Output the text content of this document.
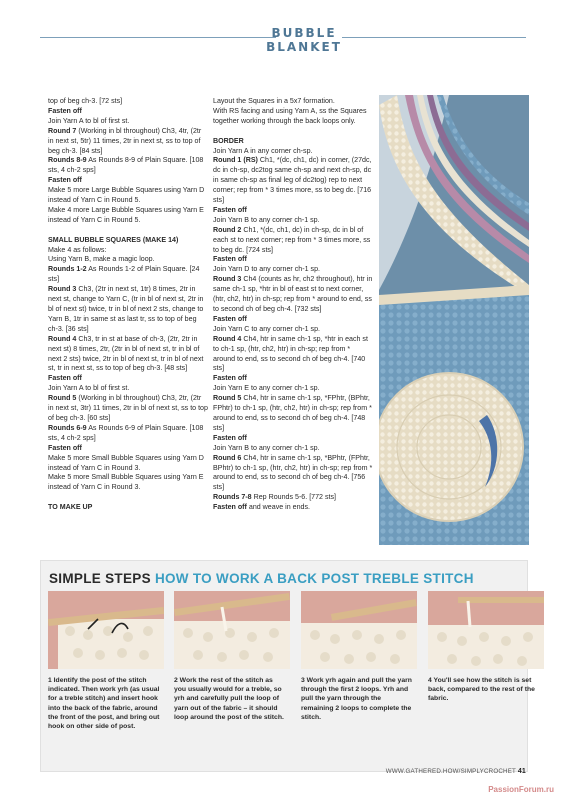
BUBBLE BLANKET

top of beg ch-3. [72 sts]

Fasten off

Join Yarn A to bl of first st.

Round 7 (Working in bl throughout) Ch3, 4tr, (2tr in next st, 5tr) 11 times, 2tr in next st, ss to top of beg ch-3. [84 sts]

Rounds 8-9 As Rounds 8-9 of Plain Square. [108 sts, 4 ch-2 sps]

Fasten off

Make 5 more Large Bubble Squares using Yarn D instead of Yarn C in Round 5.

Make 4 more Large Bubble Squares using Yarn E instead of Yarn C in Round 5.

SMALL BUBBLE SQUARES (MAKE 14)

Make 4 as follows:

Using Yarn B, make a magic loop.

Rounds 1-2 As Rounds 1-2 of Plain Square. [24 sts]

Round 3 Ch3, (2tr in next st, 1tr) 8 times, 2tr in next st, change to Yarn C, (tr in bl of next st, 2tr in bl of next st) twice, tr in bl of next 2 sts, change to Yarn B, 1tr in same st as last tr, ss to top of beg ch-3. [36 sts]

Round 4 Ch3, tr in st at base of ch-3, (2tr, 2tr in next st) 8 times, 2tr, (2tr in bl of next st, tr in bl of next 2 sts) twice, 2tr in bl of next st, tr in bl of next st, tr in next st, ss to top of beg ch-3. [48 sts]

Fasten off

Join Yarn A to bl of first st.

Round 5 (Working in bl throughout) Ch3, 2tr, (2tr in next st, 3tr) 11 times, 2tr in bl of next st, ss to top of beg ch-3. [60 sts]

Rounds 6-9 As Rounds 6-9 of Plain Square. [108 sts, 4 ch-2 sps]

Fasten off

Make 5 more Small Bubble Squares using Yarn D instead of Yarn C in Round 3.

Make 5 more Small Bubble Squares using Yarn E instead of Yarn C in Round 3.

TO MAKE UP

Layout the Squares in a 5x7 formation.

With RS facing and using Yarn A, ss the Squares together working through the back loops only.

BORDER

Join Yarn A in any corner ch-sp.

Round 1 (RS) Ch1, *(dc, ch1, dc) in corner, (27dc, dc in ch-sp, dc2tog same ch-sp and next ch-sp, dc in same ch-sp as final leg of dc2tog) rep to next corner; rep from * 3 times more, ss to beg dc. [716 sts]

Fasten off

Join Yarn B to any corner ch-1 sp.

Round 2 Ch1, *(dc, ch1, dc) in ch-sp, dc in bl of each st to next corner; rep from * 3 times more, ss to beg dc. [724 sts]

Fasten off

Join Yarn D to any corner ch-1 sp.

Round 3 Ch4 (counts as hr, ch2 throughout), htr in same ch-1 sp, *htr in bl of east st to next corner, (htr, ch2, htr) in ch-sp; rep from * around to end, ss to second ch of beg ch-4. [732 sts]

Fasten off

Join Yarn C to any corner ch-1 sp.

Round 4 Ch4, htr in same ch-1 sp, *htr in each st to ch-1 sp, (htr, ch2, htr) in ch-sp; rep from * around to end, ss to second ch of beg ch-4. [740 sts]

Fasten off

Join Yarn E to any corner ch-1 sp.

Round 5 Ch4, htr in same ch-1 sp, *FPhtr, (BPhtr, FPhtr) to ch-1 sp, (htr, ch2, htr) in ch-sp; rep from * around to end, ss to second ch of beg ch-4. [748 sts]

Fasten off

Join Yarn B to any corner ch-1 sp.

Round 6 Ch4, htr in same ch-1 sp, *BPhtr, (FPhtr, BPhtr) to ch-1 sp, (htr, ch2, htr) in ch-sp; rep from * around to end, ss to second ch of beg ch-4. [756 sts]

Rounds 7-8 Rep Rounds 5-6. [772 sts]

Fasten off and weave in ends.

SIMPLE STEPS HOW TO WORK A BACK POST TREBLE STITCH
1 Identify the post of the stitch indicated. Then work yrh (as usual for a treble stitch) and insert hook into the back of the fabric, around the front of the post, and bring out hook on other side of post.
2 Work the rest of the stitch as you usually would for a treble, so yrh and carefully pull the loop of yarn out of the fabric – it should loop around the post of the stitch.
3 Work yrh again and pull the yarn through the first 2 loops. Yrh and pull the yarn through the remaining 2 loops to complete the stitch.
4 You'll see how the stitch is set back, compared to the rest of the fabric.
WWW.GATHERED.HOW/SIMPLYCROCHET 41
PassionForum.ru
